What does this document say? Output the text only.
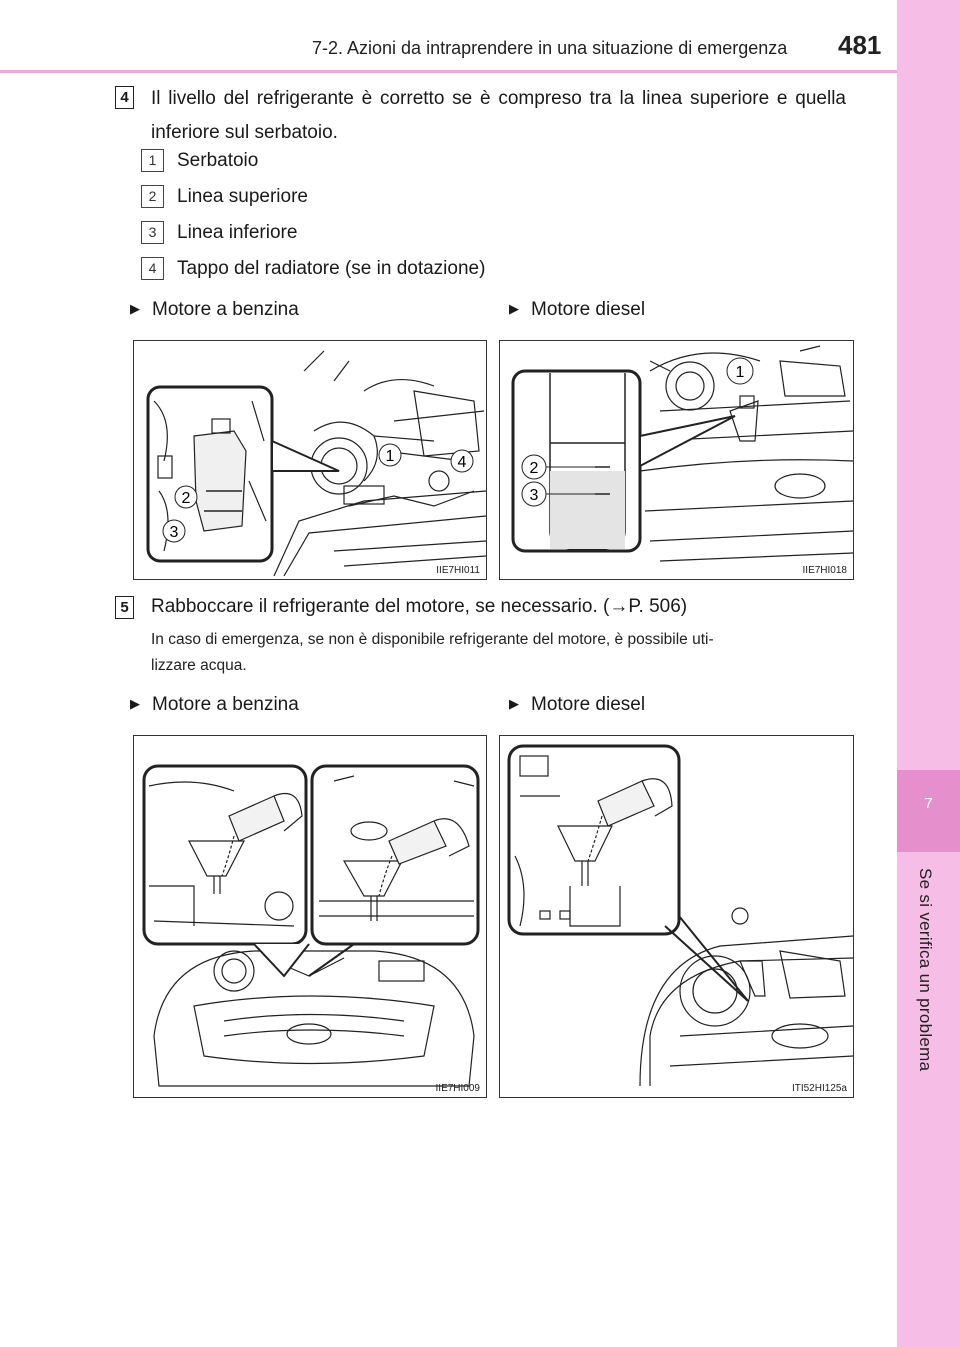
7
Se si verifica un problema
7-2. Azioni da intraprendere in una situazione di emergenza 481
4 Il livello del refrigerante è corretto se è compreso tra la linea superiore e quella inferiore sul serbatoio.
1	Serbatoio
2	Linea superiore
3	Linea inferiore
4	Tappo del radiatore (se in dotazione)
▶ Motore a benzina	▶ Motore diesel
2
3
1	4
IIE7HI011
2
3
1
IIE7HI018
5 Rabboccare il refrigerante del motore, se necessario. (→P. 506)
In caso di emergenza, se non è disponibile refrigerante del motore, è possibile uti-
lizzare acqua.
▶ Motore a benzina	▶ Motore diesel
IIE7HI009	ITI52HI125a
